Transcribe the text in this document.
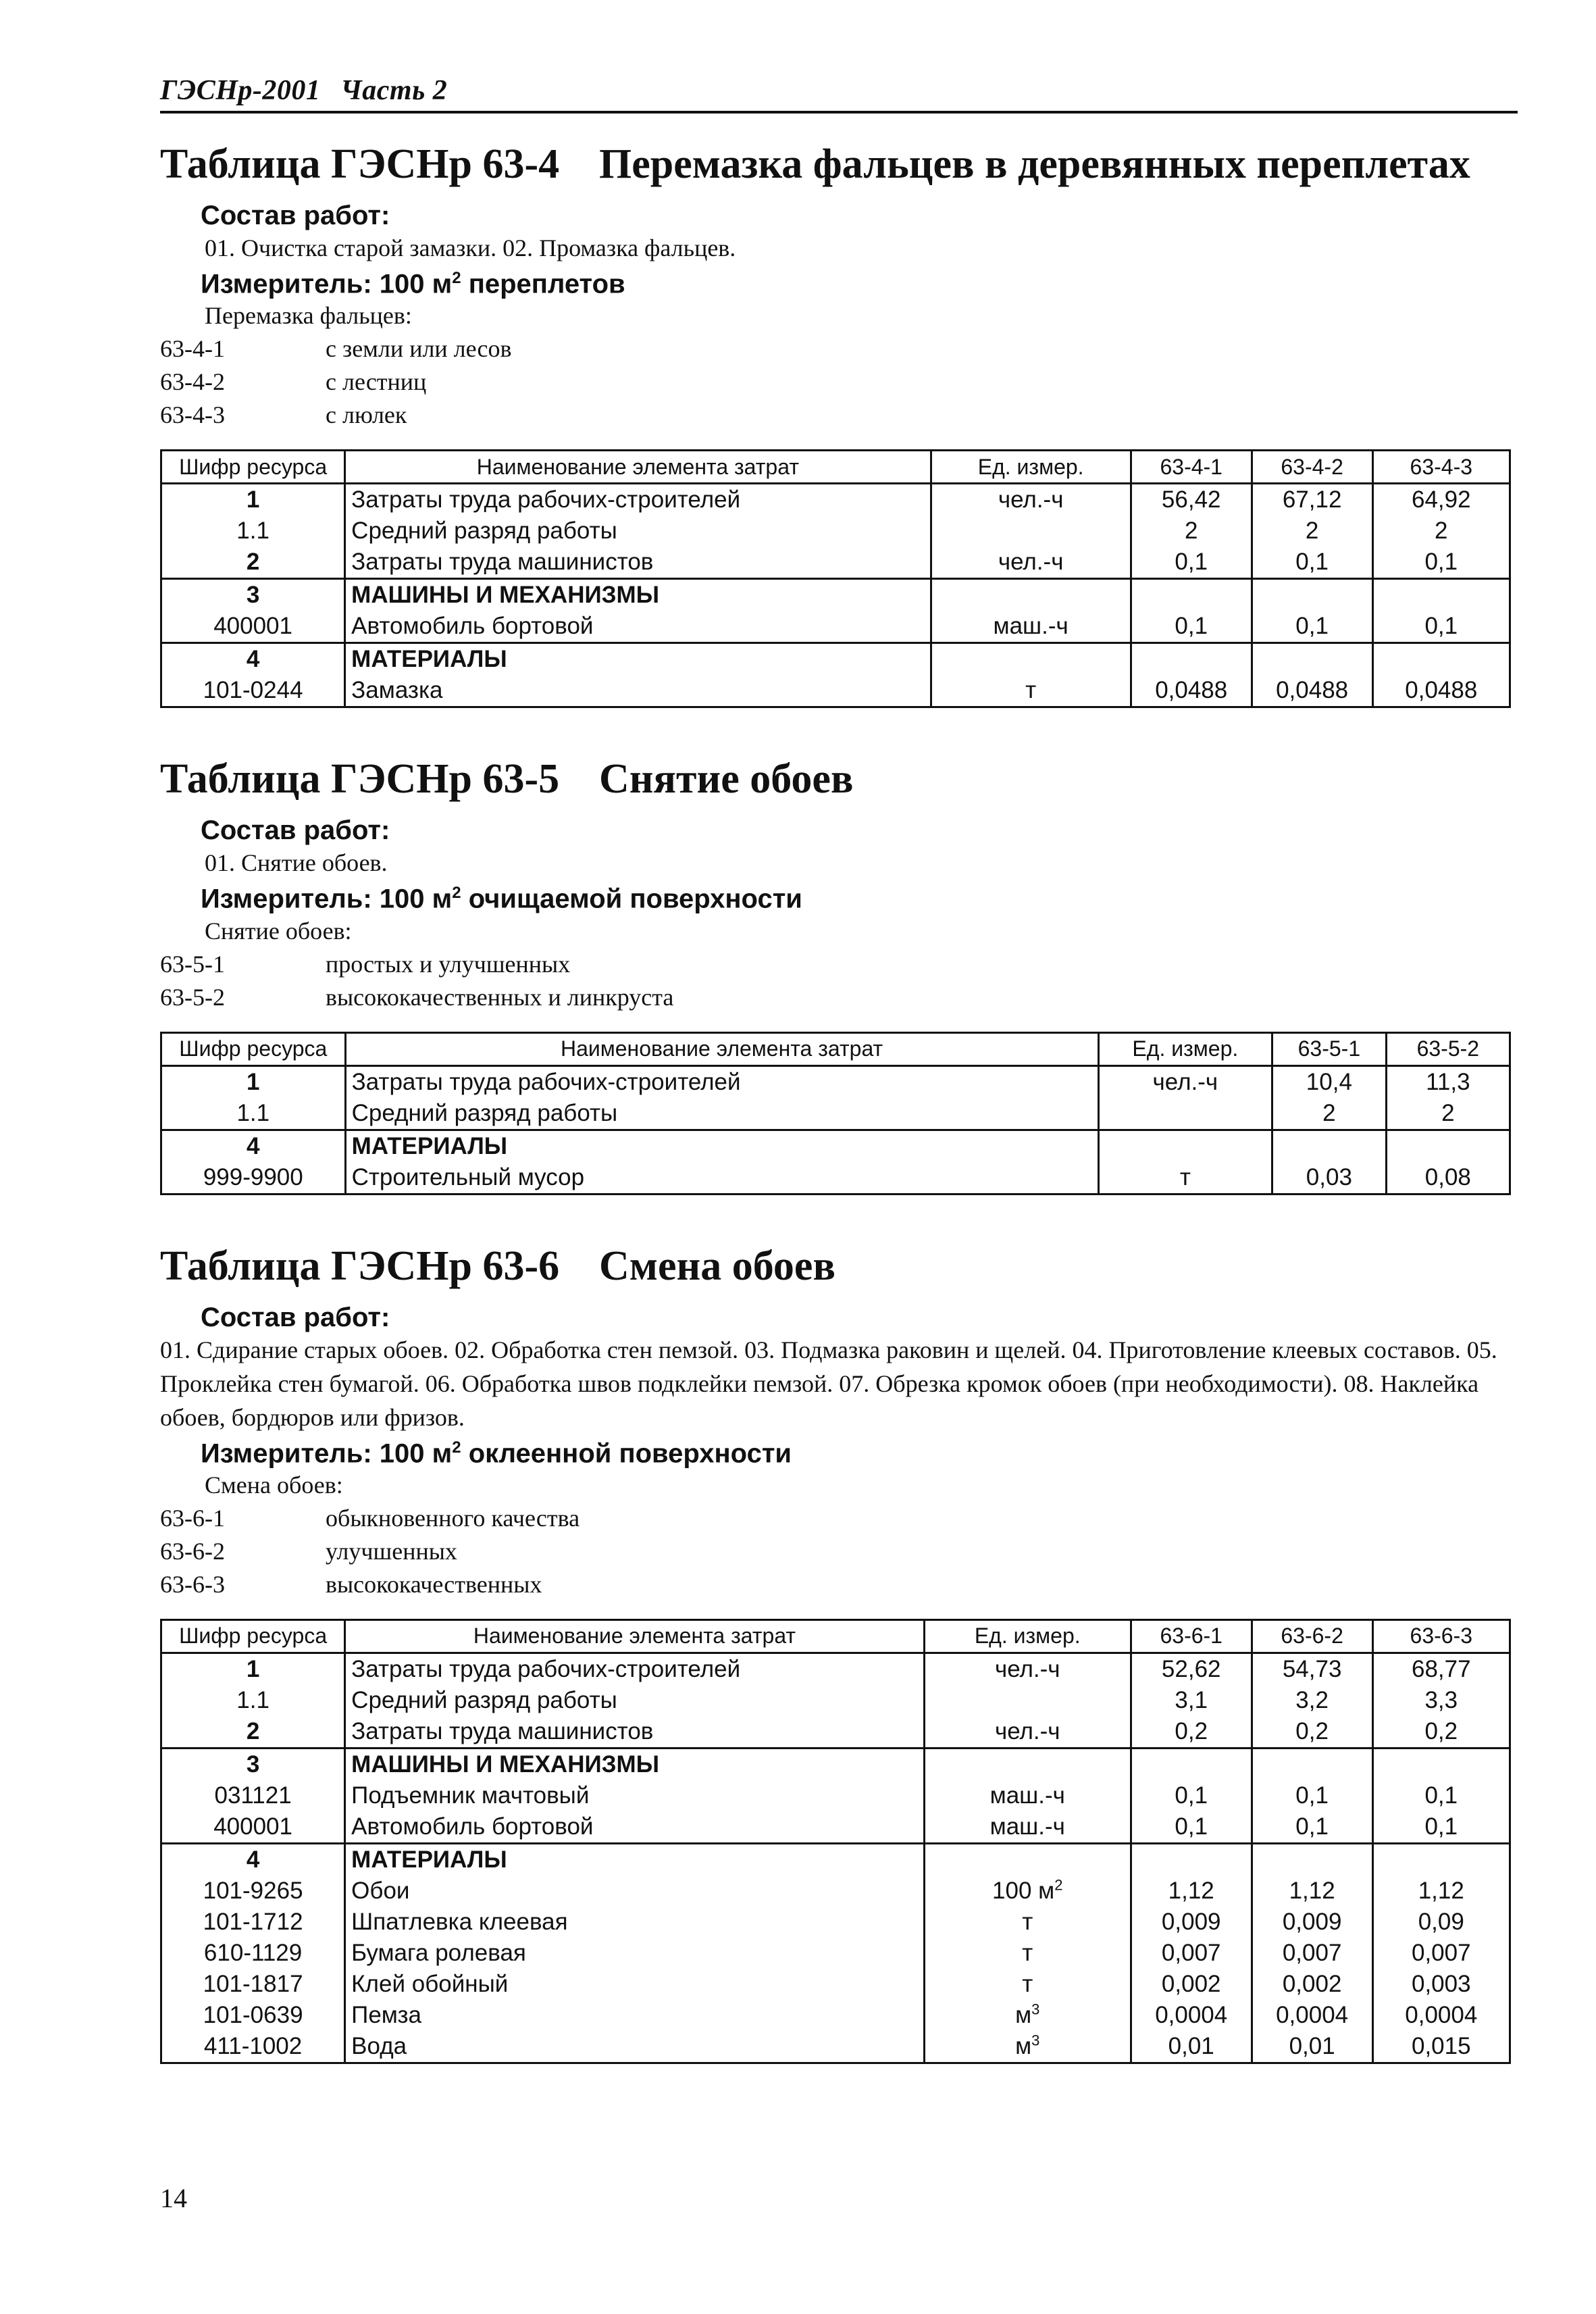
ГЭСНр-2001 Часть 2
Таблица ГЭСНр 63-4 Перемазка фальцев в деревянных переплетах
Состав работ:
01. Очистка старой замазки. 02. Промазка фальцев.
Измеритель: 100 $м^2$ переплетов
Перемазка фальцев:
63-4-1	с земли или лесов
63-4-2	с лестниц
63-4-3	с люлек
Шифр ресурса	Наименование элемента затрат	Ед. измер.	63-4-1	63-4-2	63-4-3
1	Затраты труда рабочих-строителей	чел.-ч	56,42	67,12	64,92
1.1	Средний разряд работы		2	2	2
2	Затраты труда машинистов	чел.-ч	0,1	0,1	0,1
3	МАШИНЫ И МЕХАНИЗМЫ				
400001	Автомобиль бортовой	маш.-ч	0,1	0,1	0,1
4	МАТЕРИАЛЫ				
101-0244	Замазка	т	0,0488	0,0488	0,0488
Таблица ГЭСНр 63-5 Снятие обоев
Состав работ:
01. Снятие обоев.
Измеритель: 100 $м^2$ очищаемой поверхности
Снятие обоев:
63-5-1	простых и улучшенных
63-5-2	высококачественных и линкруста
Шифр ресурса	Наименование элемента затрат	Ед. измер.	63-5-1	63-5-2
1	Затраты труда рабочих-строителей	чел.-ч	10,4	11,3
1.1	Средний разряд работы		2	2
4	МАТЕРИАЛЫ			
999-9900	Строительный мусор	т	0,03	0,08
Таблица ГЭСНр 63-6 Смена обоев
Состав работ:
01. Сдирание старых обоев. 02. Обработка стен пемзой. 03. Подмазка раковин и щелей. 04. Приготовление клеевых составов. 05. Проклейка стен бумагой. 06. Обработка швов подклейки пемзой. 07. Обрезка кромок обоев (при необходимости). 08. Наклейка обоев, бордюров или фризов.
Измеритель: 100 $м^2$ оклеенной поверхности
Смена обоев:
63-6-1	обыкновенного качества
63-6-2	улучшенных
63-6-3	высококачественных
Шифр ресурса	Наименование элемента затрат	Ед. измер.	63-6-1	63-6-2	63-6-3
1	Затраты труда рабочих-строителей	чел.-ч	52,62	54,73	68,77
1.1	Средний разряд работы		3,1	3,2	3,3
2	Затраты труда машинистов	чел.-ч	0,2	0,2	0,2
3	МАШИНЫ И МЕХАНИЗМЫ				
031121	Подъемник мачтовый	маш.-ч	0,1	0,1	0,1
400001	Автомобиль бортовой	маш.-ч	0,1	0,1	0,1
4	МАТЕРИАЛЫ				
101-9265	Обои	100 $м^2$	1,12	1,12	1,12
101-1712	Шпатлевка клеевая	т	0,009	0,009	0,09
610-1129	Бумага ролевая	т	0,007	0,007	0,007
101-1817	Клей обойный	т	0,002	0,002	0,003
101-0639	Пемза	$м^3$	0,0004	0,0004	0,0004
411-1002	Вода	$м^3$	0,01	0,01	0,015
14
